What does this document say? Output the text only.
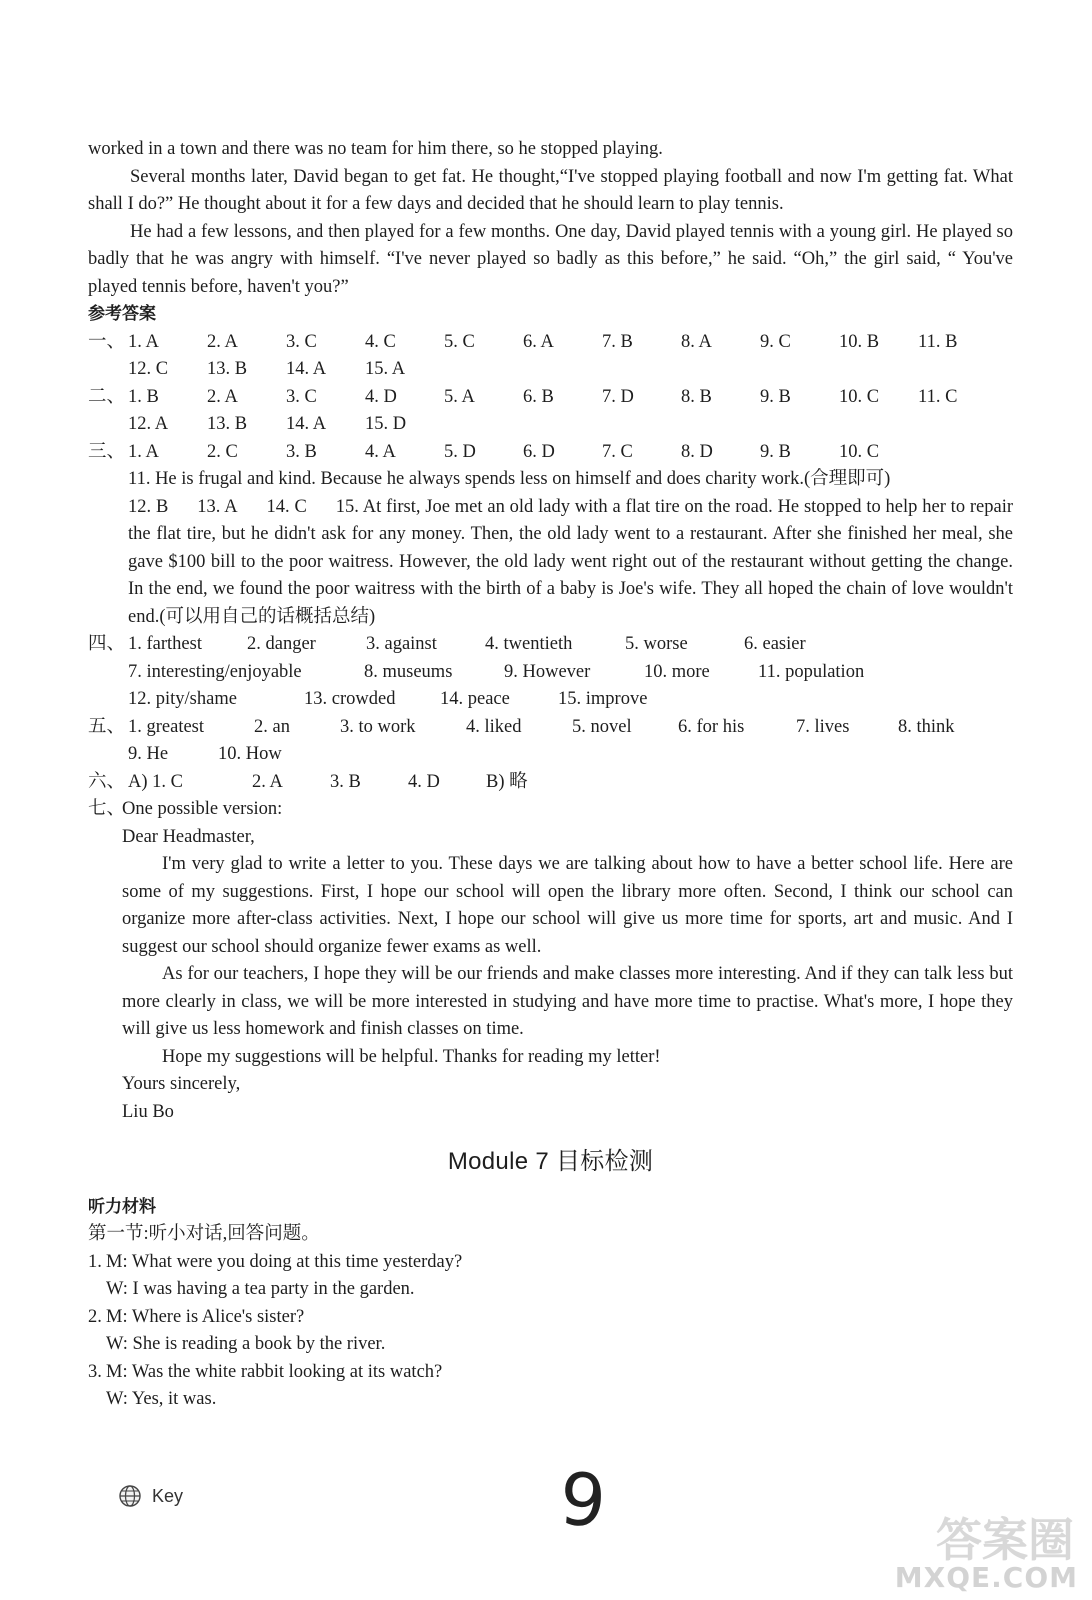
worked in a town and there was no team for him there, so he stopped playing.

Several months later, David began to get fat. He thought,“I've stopped playing football and now I'm getting fat. What shall I do?” He thought about it for a few days and decided that he should learn to play tennis.

He had a few lessons, and then played for a few months. One day, David played tennis with a young girl. He played so badly that he was angry with himself. “I've never played so badly as this before,” he said. “Oh,” the girl said, “ You've played tennis before, haven't you?”

参考答案

一、 1. A	2. A	3. C	4. C	5. C	6. A	7. B	8. A	9. C	10. B	11. B
12. C	13. B	14. A	15. A
二、 1. B	2. A	3. C	4. D	5. A	6. B	7. D	8. B	9. B	10. C	11. C
12. A	13. B	14. A	15. D
三、 1. A	2. C	3. B	4. A	5. D	6. D	7. C	8. D	9. B	10. C

11. He is frugal and kind. Because he always spends less on himself and does charity work.(合理即可)

12. B 13. A 14. C 15. At first, Joe met an old lady with a flat tire on the road. He stopped to help her to repair the flat tire, but he didn't ask for any money. Then, the old lady went to a restaurant. After she finished her meal, she gave $100 bill to the poor waitress. However, the old lady went right out of the restaurant without getting the change. In the end, we found the poor waitress with the birth of a baby is Joe's wife. They all hoped the chain of love wouldn't end.(可以用自己的话概括总结)

四、 1. farthest	2. danger	3. against	4. twentieth	5. worse	6. easier
7. interesting/enjoyable	8. museums	9. However	10. more	11. population
12. pity/shame	13. crowded	14. peace	15. improve
五、 1. greatest	2. an	3. to work	4. liked	5. novel	6. for his	7. lives	8. think
9. He	10. How
六、 A) 1. C	2. A	3. B	4. D	B) 略
七、
One possible version:

Dear Headmaster,

I'm very glad to write a letter to you. These days we are talking about how to have a better school life. Here are some of my suggestions. First, I hope our school will open the library more often. Second, I think our school can organize more after-class activities. Next, I hope our school will give us more time for sports, art and music. And I suggest our school should organize fewer exams as well.

As for our teachers, I hope they will be our friends and make classes more interesting. And if they can talk less but more clearly in class, we will be more interested in studying and have more time to practise. What's more, I hope they will give us less homework and finish classes on time.

Hope my suggestions will be helpful. Thanks for reading my letter!

Yours sincerely,

Liu Bo

Module 7 目标检测

听力材料

第一节:听小对话,回答问题。

1. M: What were you doing at this time yesterday?

W: I was having a tea party in the garden.

2. M: Where is Alice's sister?

W: She is reading a book by the river.

3. M: Was the white rabbit looking at its watch?

W: Yes, it was.

Key	9	答案圈
MXQE.COM
